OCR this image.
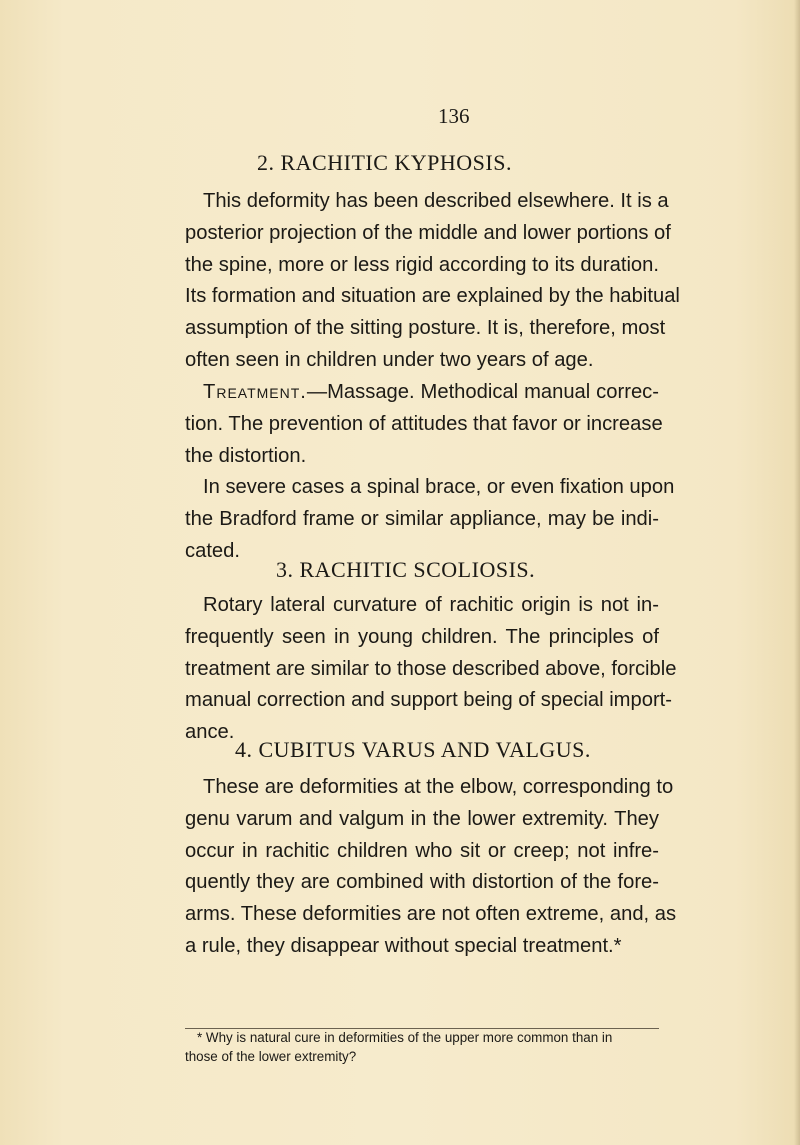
136
2. RACHITIC KYPHOSIS.
This deformity has been described elsewhere. It is a
posterior projection of the middle and lower portions of
the spine, more or less rigid according to its duration.
Its formation and situation are explained by the habitual
assumption of the sitting posture. It is, therefore, most
often seen in children under two years of age.
Treatment.—Massage. Methodical manual correc-
tion. The prevention of attitudes that favor or increase
the distortion.
In severe cases a spinal brace, or even fixation upon
the Bradford frame or similar appliance, may be indi-
cated.
3. RACHITIC SCOLIOSIS.
Rotary lateral curvature of rachitic origin is not in-
frequently seen in young children. The principles of
treatment are similar to those described above, forcible
manual correction and support being of special import-
ance.
4. CUBITUS VARUS AND VALGUS.
These are deformities at the elbow, corresponding to
genu varum and valgum in the lower extremity. They
occur in rachitic children who sit or creep; not infre-
quently they are combined with distortion of the fore-
arms. These deformities are not often extreme, and, as
a rule, they disappear without special treatment.*
* Why is natural cure in deformities of the upper more common than in
those of the lower extremity?
